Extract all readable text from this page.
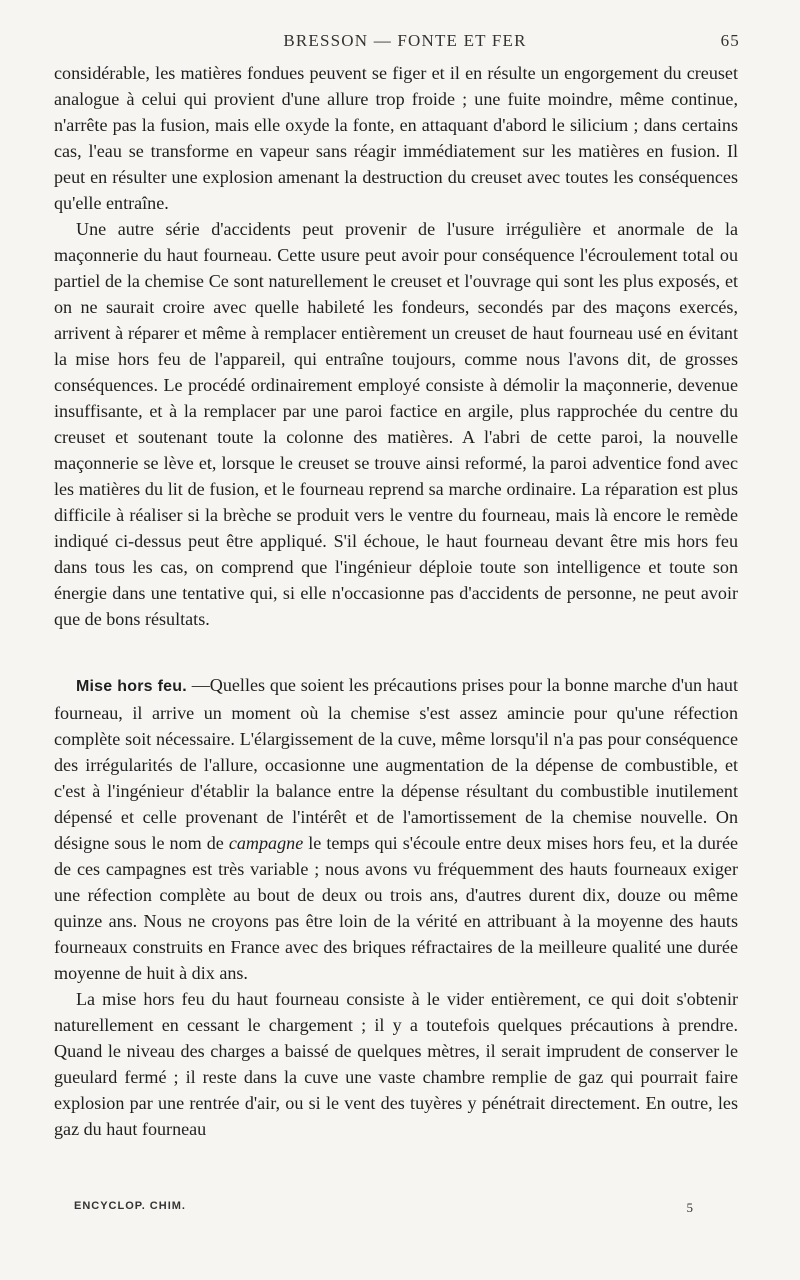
BRESSON — FONTE ET FER	65

considérable, les matières fondues peuvent se figer et il en résulte un engorgement du creuset analogue à celui qui provient d'une allure trop froide ; une fuite moindre, même continue, n'arrête pas la fusion, mais elle oxyde la fonte, en attaquant d'abord le silicium ; dans certains cas, l'eau se transforme en vapeur sans réagir immédiatement sur les matières en fusion. Il peut en résulter une explosion amenant la destruction du creuset avec toutes les conséquences qu'elle entraîne.

Une autre série d'accidents peut provenir de l'usure irrégulière et anormale de la maçonnerie du haut fourneau. Cette usure peut avoir pour conséquence l'écroulement total ou partiel de la chemise Ce sont naturellement le creuset et l'ouvrage qui sont les plus exposés, et on ne saurait croire avec quelle habileté les fondeurs, secondés par des maçons exercés, arrivent à réparer et même à remplacer entièrement un creuset de haut fourneau usé en évitant la mise hors feu de l'appareil, qui entraîne toujours, comme nous l'avons dit, de grosses conséquences. Le procédé ordinairement employé consiste à démolir la maçonnerie, devenue insuffisante, et à la remplacer par une paroi factice en argile, plus rapprochée du centre du creuset et soutenant toute la colonne des matières. A l'abri de cette paroi, la nouvelle maçonnerie se lève et, lorsque le creuset se trouve ainsi reformé, la paroi adventice fond avec les matières du lit de fusion, et le fourneau reprend sa marche ordinaire. La réparation est plus difficile à réaliser si la brèche se produit vers le ventre du fourneau, mais là encore le remède indiqué ci-dessus peut être appliqué. S'il échoue, le haut fourneau devant être mis hors feu dans tous les cas, on comprend que l'ingénieur déploie toute son intelligence et toute son énergie dans une tentative qui, si elle n'occasionne pas d'accidents de personne, ne peut avoir que de bons résultats.

Mise hors feu. —Quelles que soient les précautions prises pour la bonne marche d'un haut fourneau, il arrive un moment où la chemise s'est assez amincie pour qu'une réfection complète soit nécessaire. L'élargissement de la cuve, même lorsqu'il n'a pas pour conséquence des irrégularités de l'allure, occasionne une augmentation de la dépense de combustible, et c'est à l'ingénieur d'établir la balance entre la dépense résultant du combustible inutilement dépensé et celle provenant de l'intérêt et de l'amortissement de la chemise nouvelle. On désigne sous le nom de campagne le temps qui s'écoule entre deux mises hors feu, et la durée de ces campagnes est très variable ; nous avons vu fréquemment des hauts fourneaux exiger une réfection complète au bout de deux ou trois ans, d'autres durent dix, douze ou même quinze ans. Nous ne croyons pas être loin de la vérité en attribuant à la moyenne des hauts fourneaux construits en France avec des briques réfractaires de la meilleure qualité une durée moyenne de huit à dix ans.

La mise hors feu du haut fourneau consiste à le vider entièrement, ce qui doit s'obtenir naturellement en cessant le chargement ; il y a toutefois quelques précautions à prendre. Quand le niveau des charges a baissé de quelques mètres, il serait imprudent de conserver le gueulard fermé ; il reste dans la cuve une vaste chambre remplie de gaz qui pourrait faire explosion par une rentrée d'air, ou si le vent des tuyères y pénétrait directement. En outre, les gaz du haut fourneau

ENCYCLOP. CHIM.	5
